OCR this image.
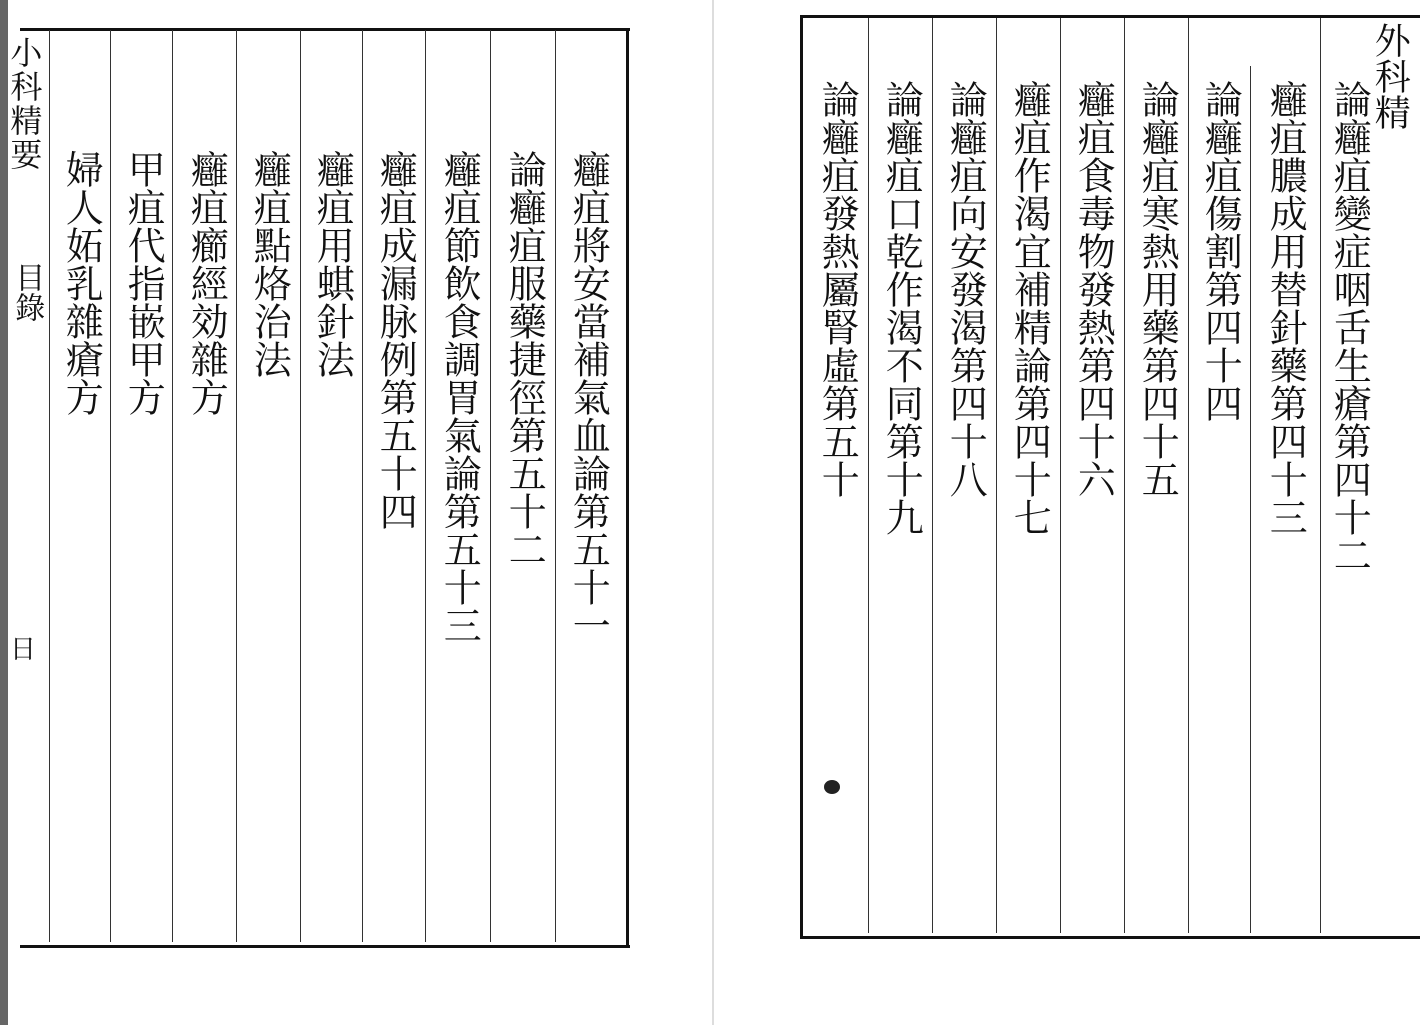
小科精要
目錄
日
癰疽將安當補氣血論第五十一
論癰疽服藥捷徑第五十二
癰疽節飲食調胃氣論第五十三
癰疽成漏脉例第五十四
癰疽用蜞針法
癰疽點烙治法
癰疽癤經効雜方
甲疽代指嵌甲方
婦人妬乳雜瘡方
外科精
論癰疽變症咽舌生瘡第四十二
癰疽膿成用替針藥第四十三
論癰疽傷割第四十四
論癰疽寒熱用藥第四十五
癰疽食毒物發熱第四十六
癰疽作渴宜補精論第四十七
論癰疽向安發渴第四十八
論癰疽口乾作渴不同第十九
論癰疽發熱屬腎虛第五十
